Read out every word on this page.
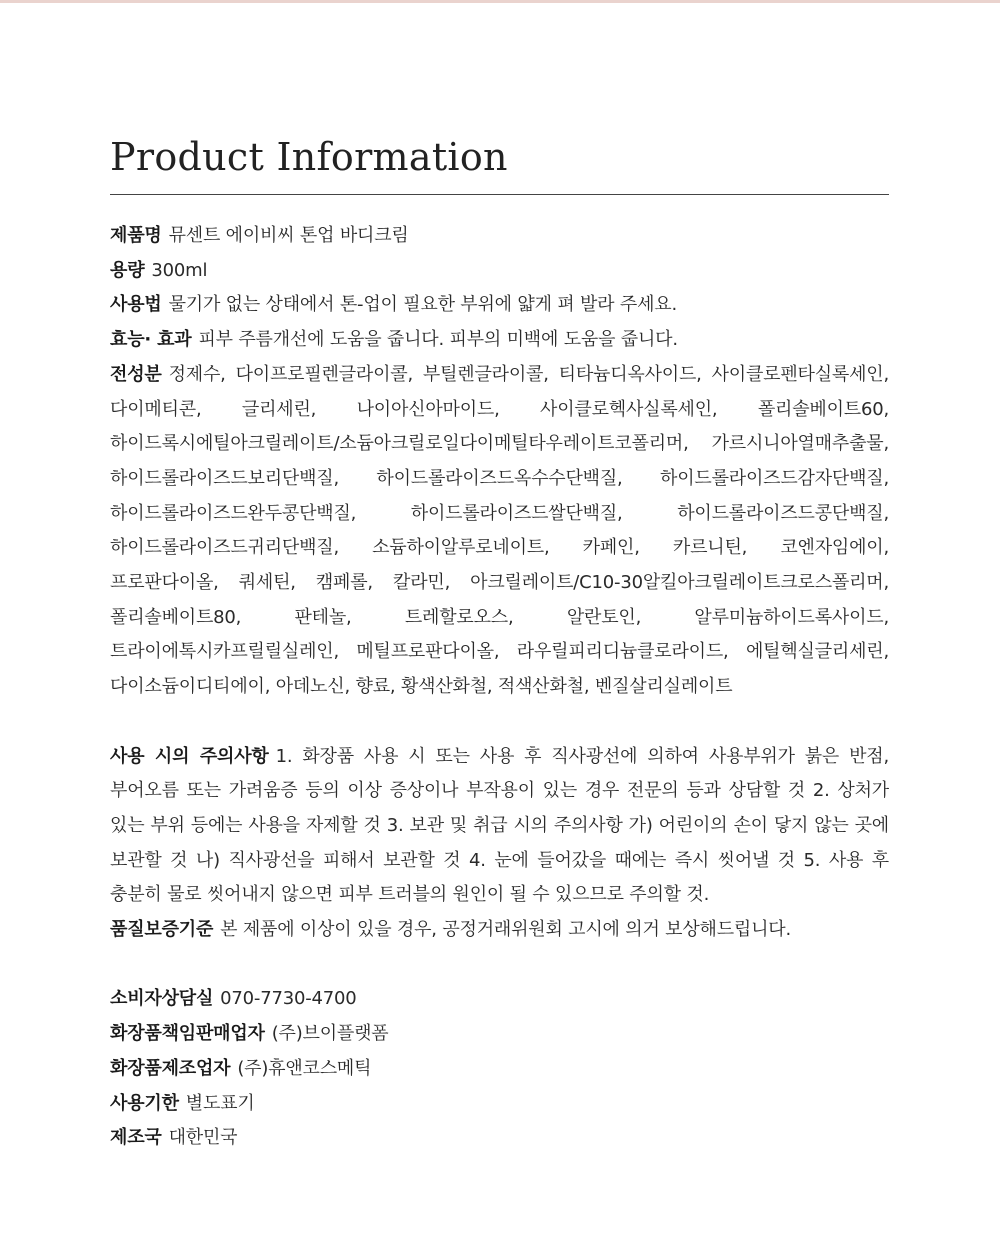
Product Information

제품명 뮤센트 에이비씨 톤업 바디크림

용량 300ml

사용법 물기가 없는 상태에서 톤-업이 필요한 부위에 얇게 펴 발라 주세요.

효능· 효과 피부 주름개선에 도움을 줍니다. 피부의 미백에 도움을 줍니다.

전성분 정제수, 다이프로필렌글라이콜, 부틸렌글라이콜, 티타늄디옥사이드, 사이클로펜타실록세인, 다이메티콘, 글리세린, 나이아신아마이드, 사이클로헥사실록세인, 폴리솔베이트60, 하이드록시에틸아크릴레이트/소듐아크릴로일다이메틸타우레이트코폴리머, 가르시니아열매추출물, 하이드롤라이즈드보리단백질, 하이드롤라이즈드옥수수단백질, 하이드롤라이즈드감자단백질, 하이드롤라이즈드완두콩단백질, 하이드롤라이즈드쌀단백질, 하이드롤라이즈드콩단백질, 하이드롤라이즈드귀리단백질, 소듐하이알루로네이트, 카페인, 카르니틴, 코엔자임에이, 프로판다이올, 쿼세틴, 캠페롤, 칼라민, 아크릴레이트/C10-30알킬아크릴레이트크로스폴리머, 폴리솔베이트80, 판테놀, 트레할로오스, 알란토인, 알루미늄하이드록사이드, 트라이에톡시카프릴릴실레인, 메틸프로판다이올, 라우릴피리디늄클로라이드, 에틸헥실글리세린, 다이소듐이디티에이, 아데노신, 향료, 황색산화철, 적색산화철, 벤질살리실레이트

사용 시의 주의사항 1. 화장품 사용 시 또는 사용 후 직사광선에 의하여 사용부위가 붉은 반점, 부어오름 또는 가려움증 등의 이상 증상이나 부작용이 있는 경우 전문의 등과 상담할 것 2. 상처가 있는 부위 등에는 사용을 자제할 것 3. 보관 및 취급 시의 주의사항 가) 어린이의 손이 닿지 않는 곳에 보관할 것 나) 직사광선을 피해서 보관할 것 4. 눈에 들어갔을 때에는 즉시 씻어낼 것 5. 사용 후 충분히 물로 씻어내지 않으면 피부 트러블의 원인이 될 수 있으므로 주의할 것.

품질보증기준 본 제품에 이상이 있을 경우, 공정거래위원회 고시에 의거 보상해드립니다.

소비자상담실 070-7730-4700

화장품책임판매업자 (주)브이플랫폼

화장품제조업자 (주)휴앤코스메틱

사용기한 별도표기

제조국 대한민국
